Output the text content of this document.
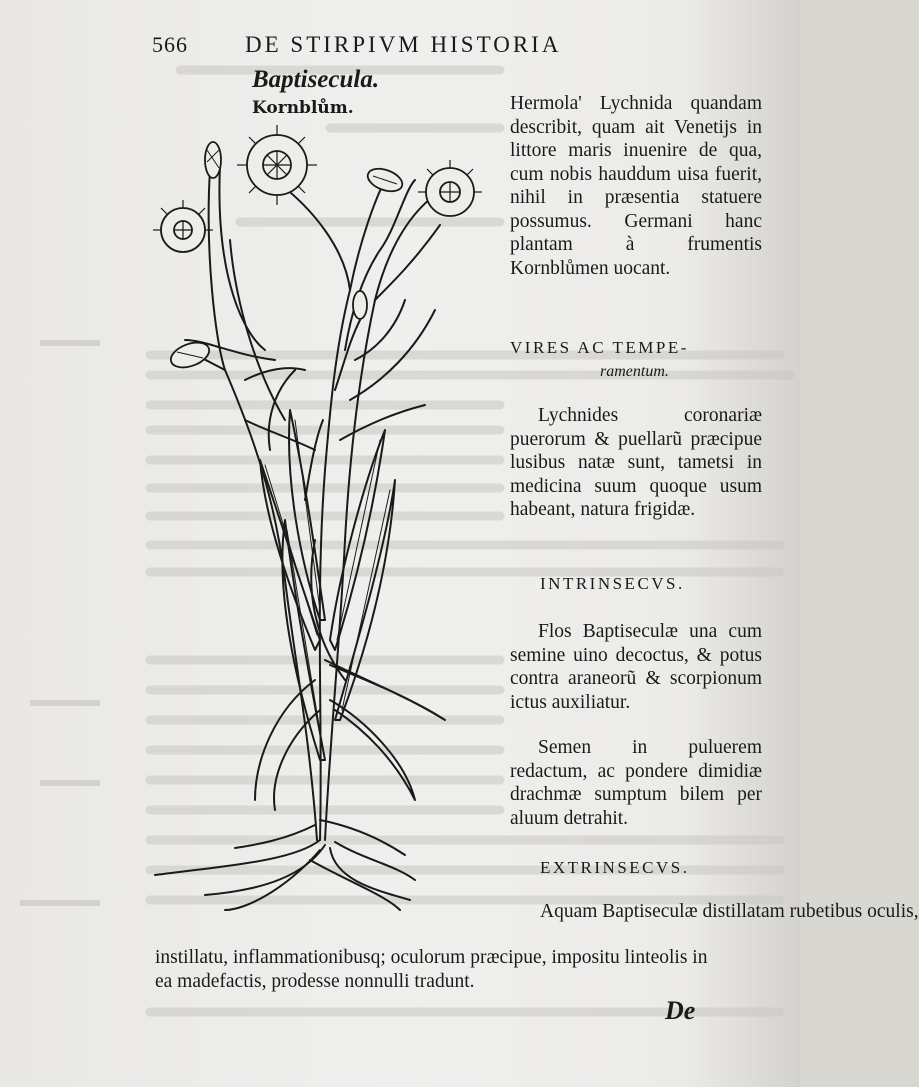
566 DE STIRPIVM HISTORIA
Baptisecula.
Kornblům.	Hermola' Lychnida quandam describit, quam ait Venetijs in littore maris inuenire de qua, cum nobis hauddum uisa fuerit, nihil in præsentia statuere possumus. Germani hanc plantam à frumentis Kornblůmen uocant.

VIRES AC TEMPE-
ramentum.

Lychnides coronariæ puerorum & puellarũ præcipue lusibus natæ sunt, tametsi in medicina suum quoque usum habeant, natura frigidæ.

INTRINSECVS.

Flos Baptiseculæ una cum semine uino decoctus, & potus contra araneorũ & scorpionum ictus auxiliatur.

Semen in puluerem redactum, ac pondere dimidiæ drachmæ sumptum bilem per aluum detrahit.

EXTRINSECVS.

Aquam Baptiseculæ distillatam rubetibus oculis,

instillatu, inflammationibusq; oculorum præcipue, impositu linteolis in

ea madefactis, prodesse nonnulli tradunt.

De
